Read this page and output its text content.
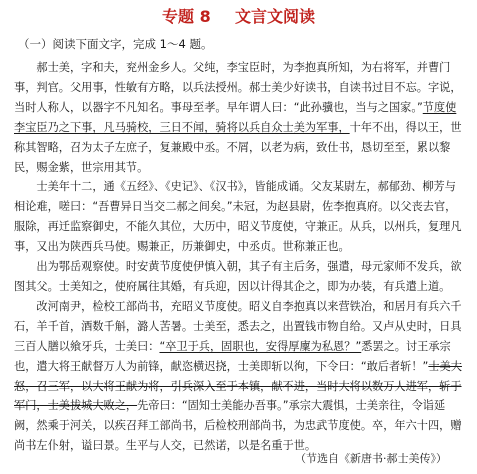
专题 8 文言文阅读
（一）阅读下面文字，完成 1～4 题。

郝士美，字和夫，兖州金乡人。父纯，李宝臣时，为李抱真所知，为右将军，并曹门事，判官。父用事，性敏有方略，以兵法授州。郝士美少好读书，自读书过目不忘。字说，当时人称人，以器字不凡知名。事母至孝。早年谓人曰：“此孙骥也，当与之国家。”节度使李宝臣乃之下事，凡马骑校，三日不闻，骑将以兵自众士美为军事，十年不出，得以王，世称其智略，召为太子左庶子，复兼殿中丞。不屑，以老为病，致仕书，恳切至至，累以黎民，赐金紫，世宗用其节。

士美年十二，通《五经》、《史记》、《汉书》，皆能成诵。父友某尉左，郝郁劲、柳芳与相论难，嗟曰：“吾曹异日当交二郝之间矣。”未冠，为赵县尉，佐李抱真府。以父丧去官，服除，再迁监察御史，不能久其位，大历中，昭义节度使，守兼正。从兵，以州兵，复理凡事，又出为陕西兵马使。赐兼正，历兼御史，中丞贞。世称兼正也。

出为鄂岳观察使。时安黄节度使伊慎入朝，其子有主后务，强遣，母元家师不发兵，欲图其父。士美知之，使府属往其婚，有兵迎，因以计得其企之，即为办装，有兵遣上道。

改河南尹，检校工部尚书，充昭义节度使。昭义自李抱真以来营铁冶，和居月有兵六千石，羊千首，酒数千斛，潞人苦暑。士美至，悉去之，出置钱市物自给。又卢从史时，日具三百人膳以飨牙兵，士美曰：“卒卫于兵，固职也，安得厚廩为私恩？”悉罢之。讨王承宗也，遣大将王献督万人为前锋，献恣横迟挠，士美即斩以徇，下令曰：“敢后者斩！”士美大怒，召三军，以大将王献为将，引兵深入至于本镇，献不进，当时大将以数万人进军，斩于军门，士美拔城大败之，先帝曰：“固知士美能办吾事。”承宗大震惧，士美亲往，令诣延阙，然乘于河关，以疾召拜工部尚书，后检校刑部尚书，为忠武节度使。卒，年六十四，赠尚书左仆射，谥曰景。生平与人交，已然诺，以是名重于世。

（节选自《新唐书·郝士美传》）
